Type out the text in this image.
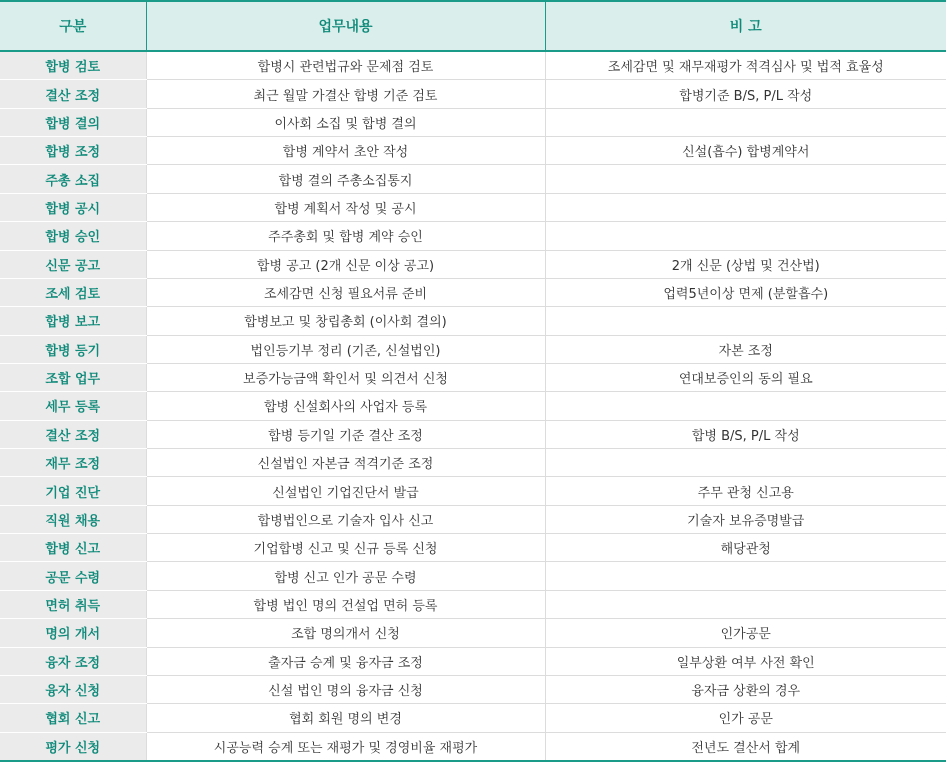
구분	업무내용	비 고
합병 검토	합병시 관련법규와 문제점 검토	조세감면 및 재무재평가 적격심사 및 법적 효율성
결산 조정	최근 월말 가결산 합병 기준 검토	합병기준 B/S, P/L 작성
합병 결의	이사회 소집 및 합병 결의	
합병 조정	합병 계약서 초안 작성	신설(흡수) 합병계약서
주총 소집	합병 결의 주총소집통지	
합병 공시	합병 계획서 작성 및 공시	
합병 승인	주주총회 및 합병 계약 승인	
신문 공고	합병 공고 (2개 신문 이상 공고)	2개 신문 (상법 및 건산법)
조세 검토	조세감면 신청 필요서류 준비	업력5년이상 면제 (분할흡수)
합병 보고	합병보고 및 창립총회 (이사회 결의)	
합병 등기	법인등기부 정리 (기존, 신설법인)	자본 조정
조합 업무	보증가능금액 확인서 및 의견서 신청	연대보증인의 동의 필요
세무 등록	합병 신설회사의 사업자 등록	
결산 조정	합병 등기일 기준 결산 조정	합병 B/S, P/L 작성
재무 조정	신설법인 자본금 적격기준 조정	
기업 진단	신설법인 기업진단서 발급	주무 관청 신고용
직원 채용	합병법인으로 기술자 입사 신고	기술자 보유증명발급
합병 신고	기업합병 신고 및 신규 등록 신청	해당관청
공문 수령	합병 신고 인가 공문 수령	
면허 취득	합병 법인 명의 건설업 면허 등록	
명의 개서	조합 명의개서 신청	인가공문
융자 조정	출자금 승계 및 융자금 조정	일부상환 여부 사전 확인
융자 신청	신설 법인 명의 융자금 신청	융자금 상환의 경우
협회 신고	협회 회원 명의 변경	인가 공문
평가 신청	시공능력 승계 또는 재평가 및 경영비율 재평가	전년도 결산서 합계
